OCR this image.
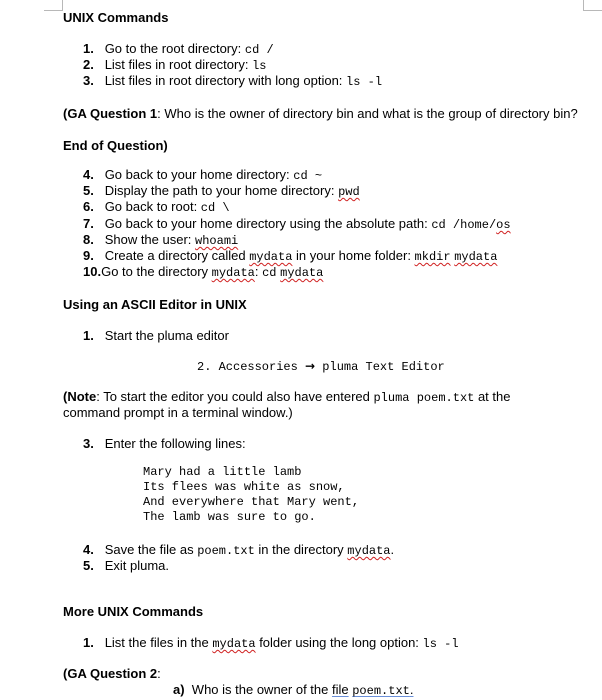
UNIX Commands
1. Go to the root directory: cd /
2. List files in root directory: ls
3. List files in root directory with long option: ls -l
(GA Question 1: Who is the owner of directory bin and what is the group of directory bin?
End of Question)
4. Go back to your home directory: cd ~
5. Display the path to your home directory: pwd
6. Go back to root: cd \
7. Go back to your home directory using the absolute path: cd /home/os
8. Show the user: whoami
9. Create a directory called mydata in your home folder: mkdir mydata
10.Go to the directory mydata: cd mydata
Using an ASCII Editor in UNIX
1. Start the pluma editor
2. Accessories → pluma Text Editor
(Note: To start the editor you could also have entered pluma poem.txt at the
command prompt in a terminal window.)
3. Enter the following lines:
Mary had a little lamb
Its flees was white as snow,
And everywhere that Mary went,
The lamb was sure to go.
4. Save the file as poem.txt in the directory mydata.
5. Exit pluma.
More UNIX Commands
1. List the files in the mydata folder using the long option: ls -l
(GA Question 2:
a) Who is the owner of the file poem.txt.
